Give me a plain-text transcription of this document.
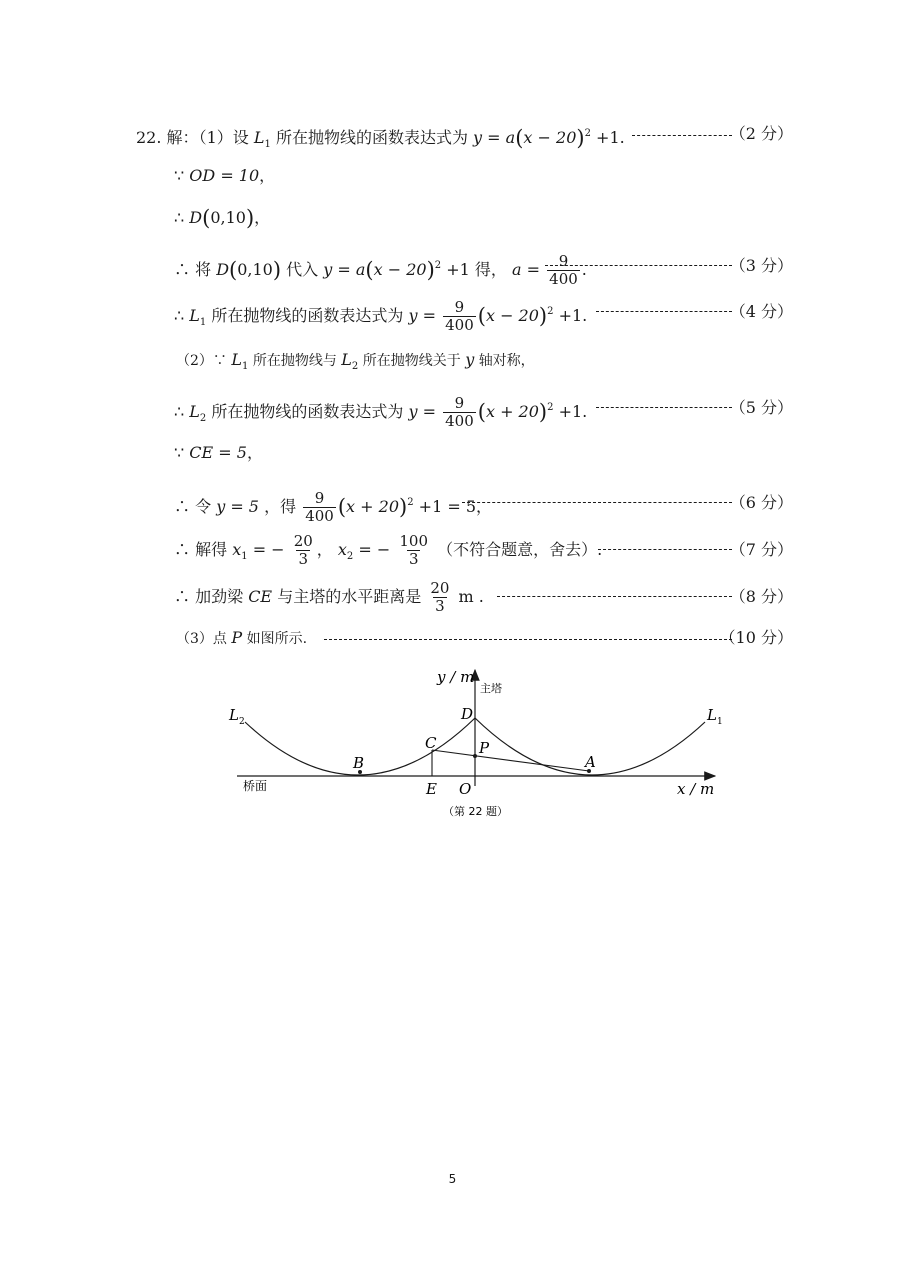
22. 解：（1）设 $L_1$ 所在抛物线的函数表达式为 $y = a(x - 20)^2 +1$.	（2 分）
∵ OD = 10，
∴ D(0,10)，
∴ 将 D(0,10) 代入 $y = a(x - 20)^2 +1$ 得， $a = \frac{9}{400}$ .	（3 分）
∴ $L_1$ 所在抛物线的函数表达式为 $y = \frac{9}{400} (x - 20)^2 +1$.	（4 分）
（2）∵ $L_1$ 所在抛物线与 $L_2$ 所在抛物线关于 y 轴对称，
∴ $L_2$ 所在抛物线的函数表达式为 $y = \frac{9}{400} (x + 20)^2 +1$.	（5 分）
∵ CE = 5，
∴ 令 y = 5 ，得 $\frac{9}{400} (x + 20)^2 +1 = 5$，	（6 分）
∴ 解得 $x_1$ = − $\frac{20}{3}$ ， $x_2$ = − $\frac{100}{3}$ （不符合题意，舍去）.	（7 分）
∴ 加劲梁 CE 与主塔的水平距离是 $\frac{20}{3}$ m .	（8 分）
（3）点 P 如图所示.	（10 分）
y / m
主塔
x / m
桥面
$L_2$	$L_1$
D
C	P
B	A
E O
（第 22 题）
5
